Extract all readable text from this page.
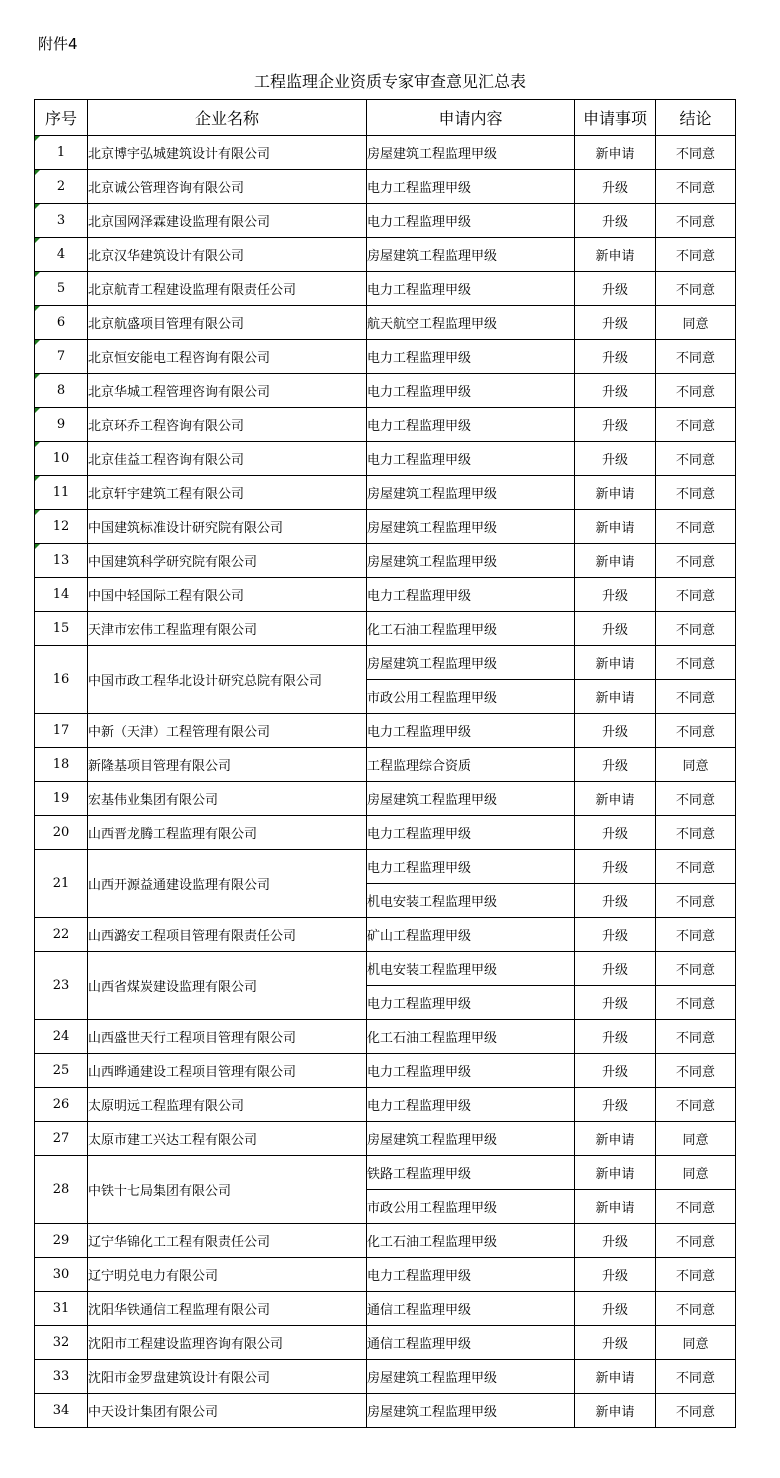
附件4
工程监理企业资质专家审查意见汇总表
序号	企业名称	申请内容	申请事项	结论
1	北京博宇弘城建筑设计有限公司	房屋建筑工程监理甲级	新申请	不同意
2	北京诚公管理咨询有限公司	电力工程监理甲级	升级	不同意
3	北京国网泽霖建设监理有限公司	电力工程监理甲级	升级	不同意
4	北京汉华建筑设计有限公司	房屋建筑工程监理甲级	新申请	不同意
5	北京航青工程建设监理有限责任公司	电力工程监理甲级	升级	不同意
6	北京航盛项目管理有限公司	航天航空工程监理甲级	升级	同意
7	北京恒安能电工程咨询有限公司	电力工程监理甲级	升级	不同意
8	北京华城工程管理咨询有限公司	电力工程监理甲级	升级	不同意
9	北京环乔工程咨询有限公司	电力工程监理甲级	升级	不同意
10	北京佳益工程咨询有限公司	电力工程监理甲级	升级	不同意
11	北京轩宇建筑工程有限公司	房屋建筑工程监理甲级	新申请	不同意
12	中国建筑标准设计研究院有限公司	房屋建筑工程监理甲级	新申请	不同意
13	中国建筑科学研究院有限公司	房屋建筑工程监理甲级	新申请	不同意
14	中国中轻国际工程有限公司	电力工程监理甲级	升级	不同意
15	天津市宏伟工程监理有限公司	化工石油工程监理甲级	升级	不同意
16	中国市政工程华北设计研究总院有限公司	房屋建筑工程监理甲级	新申请	不同意
		市政公用工程监理甲级	新申请	不同意
17	中新（天津）工程管理有限公司	电力工程监理甲级	升级	不同意
18	新隆基项目管理有限公司	工程监理综合资质	升级	同意
19	宏基伟业集团有限公司	房屋建筑工程监理甲级	新申请	不同意
20	山西晋龙腾工程监理有限公司	电力工程监理甲级	升级	不同意
21	山西开源益通建设监理有限公司	电力工程监理甲级	升级	不同意
		机电安装工程监理甲级	升级	不同意
22	山西潞安工程项目管理有限责任公司	矿山工程监理甲级	升级	不同意
23	山西省煤炭建设监理有限公司	机电安装工程监理甲级	升级	不同意
		电力工程监理甲级	升级	不同意
24	山西盛世天行工程项目管理有限公司	化工石油工程监理甲级	升级	不同意
25	山西晔通建设工程项目管理有限公司	电力工程监理甲级	升级	不同意
26	太原明远工程监理有限公司	电力工程监理甲级	升级	不同意
27	太原市建工兴达工程有限公司	房屋建筑工程监理甲级	新申请	同意
28	中铁十七局集团有限公司	铁路工程监理甲级	新申请	同意
		市政公用工程监理甲级	新申请	不同意
29	辽宁华锦化工工程有限责任公司	化工石油工程监理甲级	升级	不同意
30	辽宁明兑电力有限公司	电力工程监理甲级	升级	不同意
31	沈阳华铁通信工程监理有限公司	通信工程监理甲级	升级	不同意
32	沈阳市工程建设监理咨询有限公司	通信工程监理甲级	升级	同意
33	沈阳市金罗盘建筑设计有限公司	房屋建筑工程监理甲级	新申请	不同意
34	中天设计集团有限公司	房屋建筑工程监理甲级	新申请	不同意
